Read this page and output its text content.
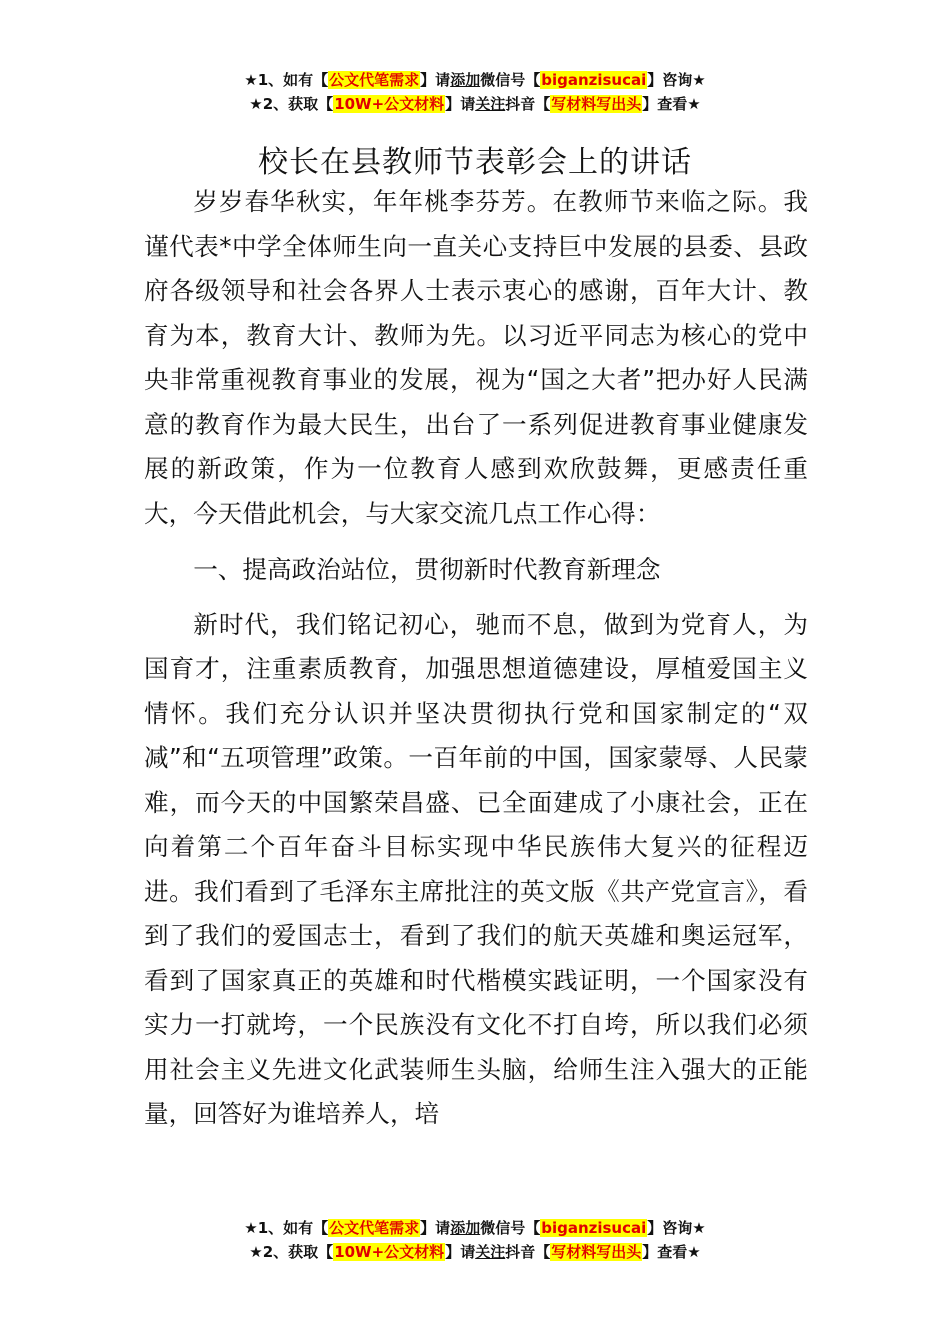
★1、如有【公文代笔需求】请添加微信号【biganzisucai】咨询★
★2、获取【10W+公文材料】请关注抖音【写材料写出头】查看★
校长在县教师节表彰会上的讲话

岁岁春华秋实，年年桃李芬芳。在教师节来临之际。我谨代表*中学全体师生向一直关心支持巨中发展的县委、县政府各级领导和社会各界人士表示衷心的感谢，百年大计、教育为本，教育大计、教师为先。以习近平同志为核心的党中央非常重视教育事业的发展，视为“国之大者”把办好人民满意的教育作为最大民生，出台了一系列促进教育事业健康发展的新政策，作为一位教育人感到欢欣鼓舞，更感责任重大，今天借此机会，与大家交流几点工作心得：

一、提高政治站位，贯彻新时代教育新理念

新时代，我们铭记初心，驰而不息，做到为党育人，为国育才，注重素质教育，加强思想道德建设，厚植爱国主义情怀。我们充分认识并坚决贯彻执行党和国家制定的“双减”和“五项管理”政策。一百年前的中国，国家蒙辱、人民蒙难，而今天的中国繁荣昌盛、已全面建成了小康社会，正在向着第二个百年奋斗目标实现中华民族伟大复兴的征程迈进。我们看到了毛泽东主席批注的英文版《共产党宣言》，看到了我们的爱国志士，看到了我们的航天英雄和奥运冠军，看到了国家真正的英雄和时代楷模实践证明，一个国家没有实力一打就垮，一个民族没有文化不打自垮，所以我们必须用社会主义先进文化武装师生头脑，给师生注入强大的正能量，回答好为谁培养人，培

★1、如有【公文代笔需求】请添加微信号【biganzisucai】咨询★
★2、获取【10W+公文材料】请关注抖音【写材料写出头】查看★
